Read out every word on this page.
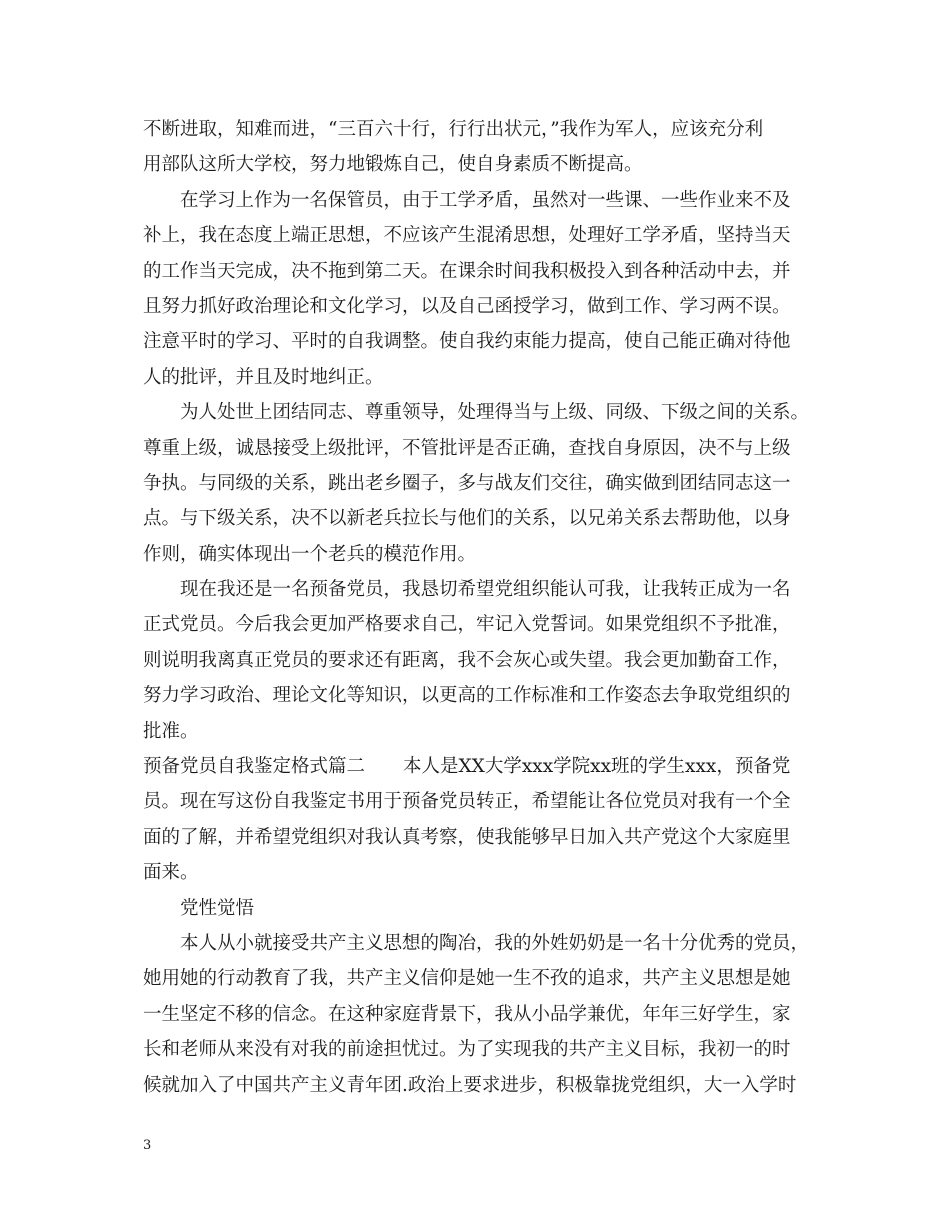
不断进取，知难而进，“三百六十行，行行出状元，”我作为军人，应该充分利
用部队这所大学校，努力地锻炼自己，使自身素质不断提高。
在学习上作为一名保管员，由于工学矛盾，虽然对一些课、一些作业来不及
补上，我在态度上端正思想，不应该产生混淆思想，处理好工学矛盾，坚持当天
的工作当天完成，决不拖到第二天。在课余时间我积极投入到各种活动中去，并
且努力抓好政治理论和文化学习，以及自己函授学习，做到工作、学习两不误。
注意平时的学习、平时的自我调整。使自我约束能力提高，使自己能正确对待他
人的批评，并且及时地纠正。
为人处世上团结同志、尊重领导，处理得当与上级、同级、下级之间的关系。
尊重上级，诚恳接受上级批评，不管批评是否正确，查找自身原因，决不与上级
争执。与同级的关系，跳出老乡圈子，多与战友们交往，确实做到团结同志这一
点。与下级关系，决不以新老兵拉长与他们的关系，以兄弟关系去帮助他，以身
作则，确实体现出一个老兵的模范作用。
现在我还是一名预备党员，我恳切希望党组织能认可我，让我转正成为一名
正式党员。今后我会更加严格要求自己，牢记入党誓词。如果党组织不予批准，
则说明我离真正党员的要求还有距离，我不会灰心或失望。我会更加勤奋工作，
努力学习政治、理论文化等知识，以更高的工作标准和工作姿态去争取党组织的
批准。
预备党员自我鉴定格式篇二 本人是XX大学xxx学院xx班的学生xxx，预备党
员。现在写这份自我鉴定书用于预备党员转正，希望能让各位党员对我有一个全
面的了解，并希望党组织对我认真考察，使我能够早日加入共产党这个大家庭里
面来。
党性觉悟
本人从小就接受共产主义思想的陶冶，我的外姓奶奶是一名十分优秀的党员，
她用她的行动教育了我，共产主义信仰是她一生不孜的追求，共产主义思想是她
一生坚定不移的信念。在这种家庭背景下，我从小品学兼优，年年三好学生，家
长和老师从来没有对我的前途担忧过。为了实现我的共产主义目标，我初一的时
候就加入了中国共产主义青年团.政治上要求进步，积极靠拢党组织，大一入学时
3
